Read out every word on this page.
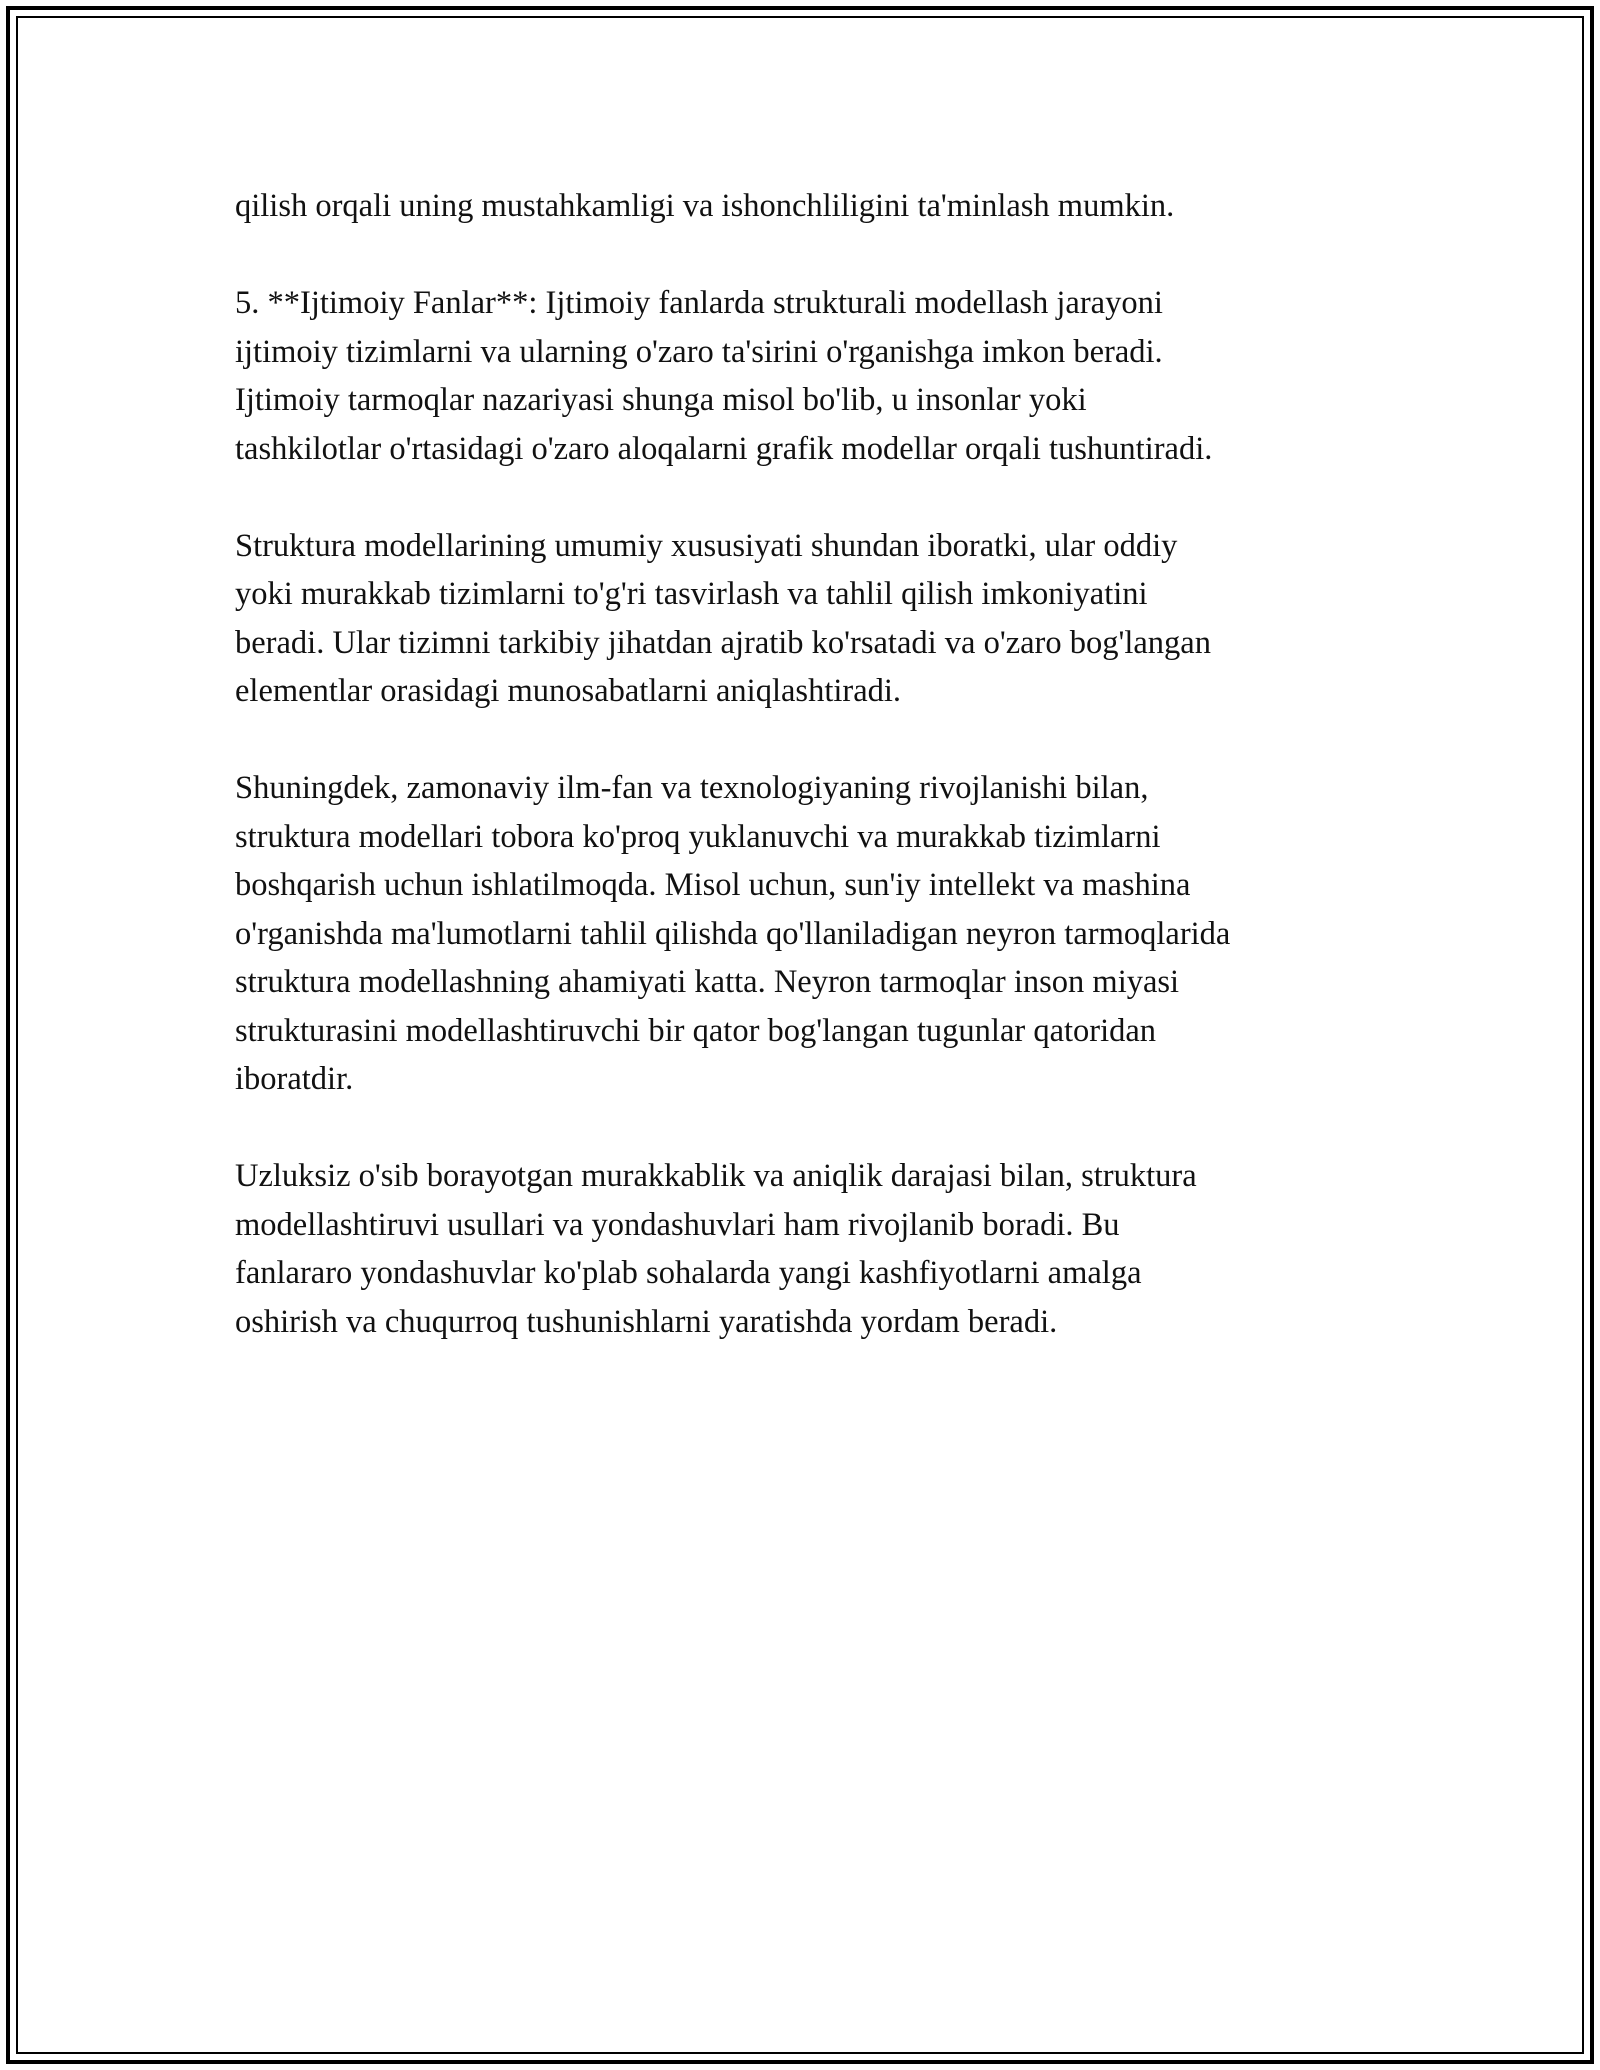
qilish orqali uning mustahkamligi va ishonchliligini ta'minlash mumkin.

5. **Ijtimoiy Fanlar**: Ijtimoiy fanlarda strukturali modellash jarayoni
ijtimoiy tizimlarni va ularning o'zaro ta'sirini o'rganishga imkon beradi.
Ijtimoiy tarmoqlar nazariyasi shunga misol bo'lib, u insonlar yoki
tashkilotlar o'rtasidagi o'zaro aloqalarni grafik modellar orqali tushuntiradi.

Struktura modellarining umumiy xususiyati shundan iboratki, ular oddiy
yoki murakkab tizimlarni to'g'ri tasvirlash va tahlil qilish imkoniyatini
beradi. Ular tizimni tarkibiy jihatdan ajratib ko'rsatadi va o'zaro bog'langan
elementlar orasidagi munosabatlarni aniqlashtiradi.

Shuningdek, zamonaviy ilm-fan va texnologiyaning rivojlanishi bilan,
struktura modellari tobora ko'proq yuklanuvchi va murakkab tizimlarni
boshqarish uchun ishlatilmoqda. Misol uchun, sun'iy intellekt va mashina
o'rganishda ma'lumotlarni tahlil qilishda qo'llaniladigan neyron tarmoqlarida
struktura modellashning ahamiyati katta. Neyron tarmoqlar inson miyasi
strukturasini modellashtiruvchi bir qator bog'langan tugunlar qatoridan
iboratdir.

Uzluksiz o'sib borayotgan murakkablik va aniqlik darajasi bilan, struktura
modellashtiruvi usullari va yondashuvlari ham rivojlanib boradi. Bu
fanlararo yondashuvlar ko'plab sohalarda yangi kashfiyotlarni amalga
oshirish va chuqurroq tushunishlarni yaratishda yordam beradi.
